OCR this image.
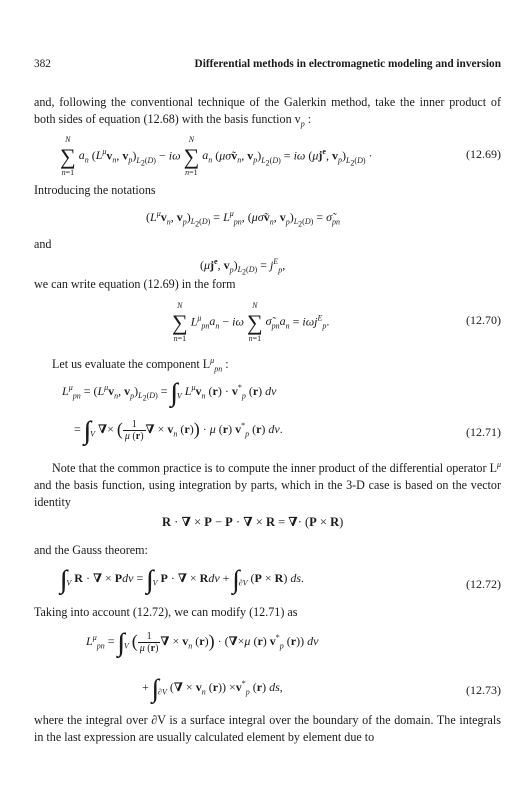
382	Differential methods in electromagnetic modeling and inversion
and, following the conventional technique of the Galerkin method, take the inner product of both sides of equation (12.68) with the basis function $v_p$ :
N
∑
n=1
$a_n$ ($L^\mu v_n$, $v_p)_{L_2(D)} - i\omega$
N
∑
n=1
$a_n$ ($\mu\sigmãv_n$, $v_p)_{L_2(D)} = i\omega$ ($\mu j^e$, $v_p)_{L_2(D)}$ ·	(12.69)
Introducing the notations
($L^\mu v_n$, $v_p)_{L_2(D)} = L^\mu_{pn}$, ($\mu\sigmãv_n$, $v_p)_{L_2(D)}$ = $\sigmã_{pn}$
and
($\mu j^e$, $v_p)_{L_2(D)} = j^E_p$,
we can write equation (12.69) in the form
N
∑
n=1
$L^\mu_{pn}a_n - i\omega$
N
∑
n=1
$\sigmã_{pn}a_n = i\omega j^E_p$.	(12.70)
Let us evaluate the component $L^\mu_{pn}$ :
$L^\mu_{pn} = (L^\mu v_n$, $v_p)_{L_2(D)}$ = ∫∫∫ $_V$ $L^\mu v_n$ $(r) \cdot v^*_p$ (r) dv
= ∫∫∫ $_V$ ∇× ( $\frac{1}{\mu (r)}$ ∇ × $v_n$ (r)) · μ (r) $v^*_p$ (r) dv.	(12.71)
Note that the common practice is to compute the inner product of the differential operator $L^\mu$ and the basis function, using integration by parts, which in the 3-D case is based on the vector identity
R · ∇ × P − P · ∇ × R = ∇· (P × R)
and the Gauss theorem:
∫∫∫ $_V$ R · ∇ × Pdv = ∫∫∫ $_V$ P · ∇ × Rdv + ∫∫ $_{\partial V}$ (P × R) ds.	(12.72)
Taking into account (12.72), we can modify (12.71) as
$L^\mu_{pn}$ = ∫∫∫ $_V$ ( $\frac{1}{\mu (r)}$ ∇ × $v_n$ (r)) · (∇×μ (r) $v^*_p$ (r)) dv
+ ∫∫ $_{\partial V}$ (∇ × $v_n$ $(r)) \times v^*_p$ (r) ds,	(12.73)
where the integral over ∂V is a surface integral over the boundary of the domain. The integrals in the last expression are usually calculated element by element due to
